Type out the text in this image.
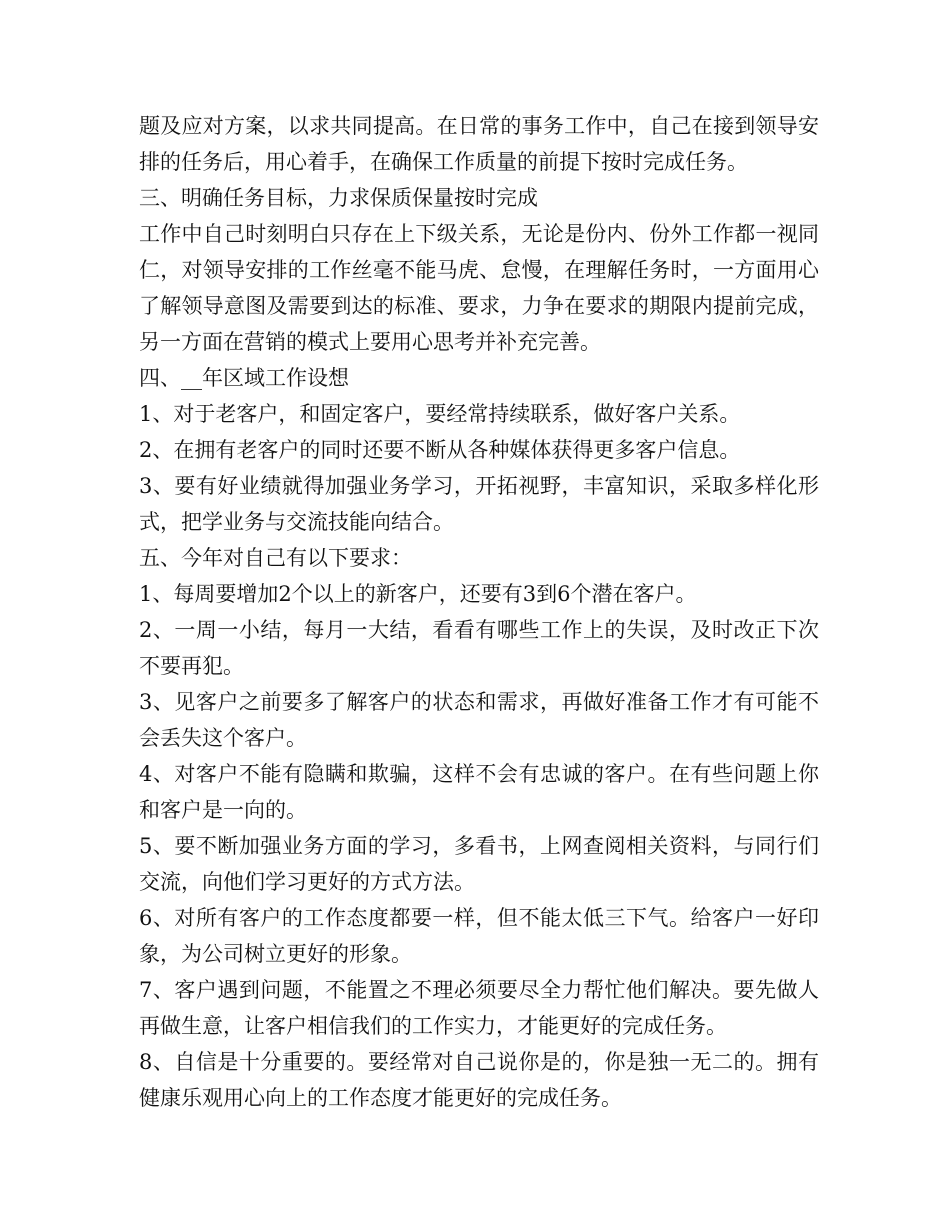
题及应对方案，以求共同提高。在日常的事务工作中，自己在接到领导安排的任务后，用心着手，在确保工作质量的前提下按时完成任务。

三、明确任务目标，力求保质保量按时完成

工作中自己时刻明白只存在上下级关系，无论是份内、份外工作都一视同仁，对领导安排的工作丝毫不能马虎、怠慢，在理解任务时，一方面用心了解领导意图及需要到达的标准、要求，力争在要求的期限内提前完成，另一方面在营销的模式上要用心思考并补充完善。

四、__年区域工作设想

1、对于老客户，和固定客户，要经常持续联系，做好客户关系。

2、在拥有老客户的同时还要不断从各种媒体获得更多客户信息。

3、要有好业绩就得加强业务学习，开拓视野，丰富知识，采取多样化形式，把学业务与交流技能向结合。

五、今年对自己有以下要求：

1、每周要增加2个以上的新客户，还要有3到6个潜在客户。

2、一周一小结，每月一大结，看看有哪些工作上的失误，及时改正下次不要再犯。

3、见客户之前要多了解客户的状态和需求，再做好准备工作才有可能不会丢失这个客户。

4、对客户不能有隐瞒和欺骗，这样不会有忠诚的客户。在有些问题上你和客户是一向的。

5、要不断加强业务方面的学习，多看书，上网查阅相关资料，与同行们交流，向他们学习更好的方式方法。

6、对所有客户的工作态度都要一样，但不能太低三下气。给客户一好印象，为公司树立更好的形象。

7、客户遇到问题，不能置之不理必须要尽全力帮忙他们解决。要先做人再做生意，让客户相信我们的工作实力，才能更好的完成任务。

8、自信是十分重要的。要经常对自己说你是的，你是独一无二的。拥有健康乐观用心向上的工作态度才能更好的完成任务。
